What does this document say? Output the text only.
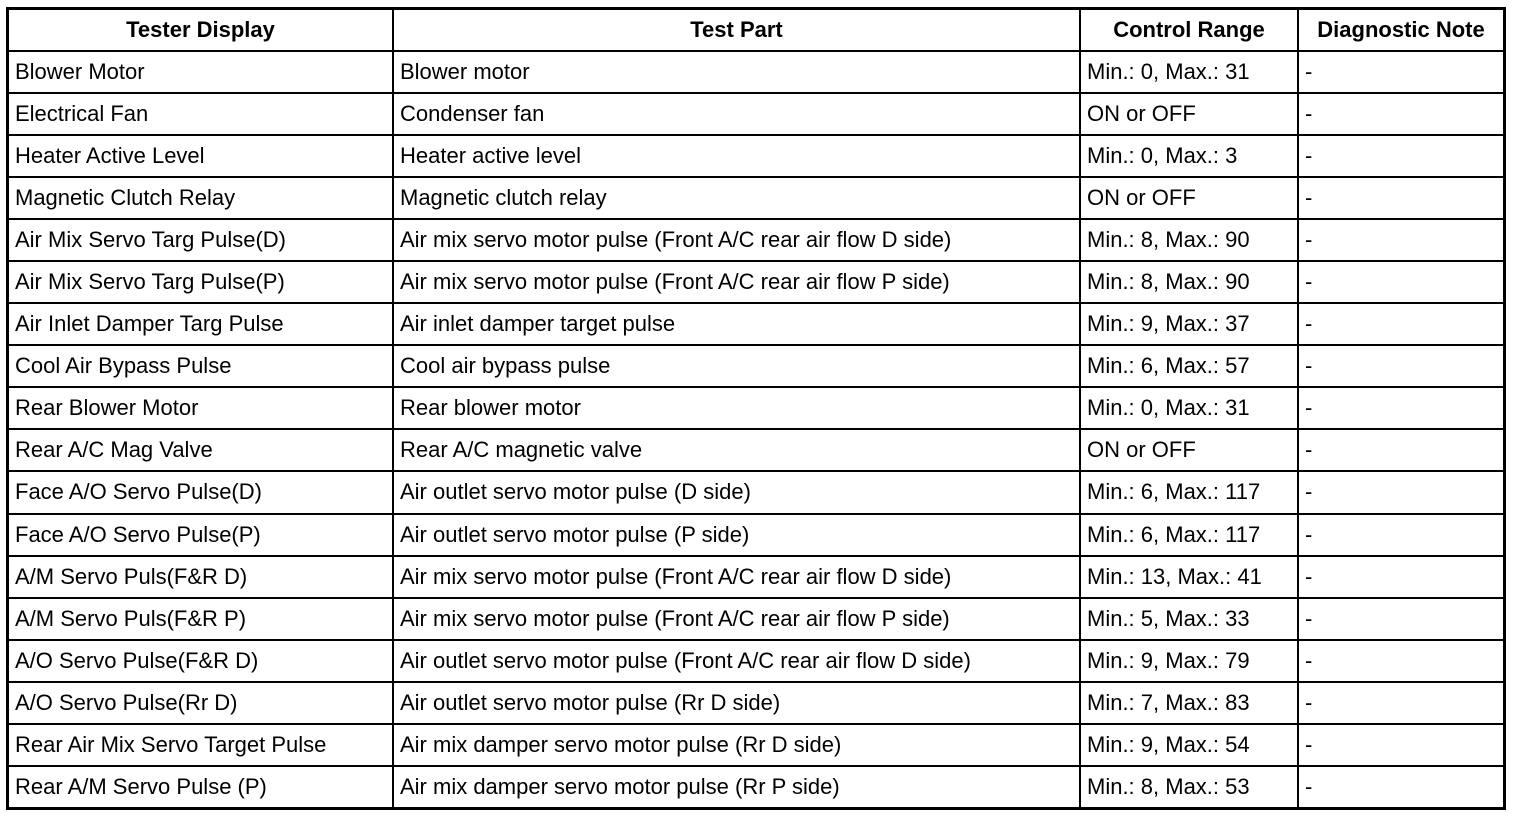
Tester Display	Test Part	Control Range	Diagnostic Note
Blower Motor	Blower motor	Min.: 0, Max.: 31	-
Electrical Fan	Condenser fan	ON or OFF	-
Heater Active Level	Heater active level	Min.: 0, Max.: 3	-
Magnetic Clutch Relay	Magnetic clutch relay	ON or OFF	-
Air Mix Servo Targ Pulse(D)	Air mix servo motor pulse (Front A/C rear air flow D side)	Min.: 8, Max.: 90	-
Air Mix Servo Targ Pulse(P)	Air mix servo motor pulse (Front A/C rear air flow P side)	Min.: 8, Max.: 90	-
Air Inlet Damper Targ Pulse	Air inlet damper target pulse	Min.: 9, Max.: 37	-
Cool Air Bypass Pulse	Cool air bypass pulse	Min.: 6, Max.: 57	-
Rear Blower Motor	Rear blower motor	Min.: 0, Max.: 31	-
Rear A/C Mag Valve	Rear A/C magnetic valve	ON or OFF	-
Face A/O Servo Pulse(D)	Air outlet servo motor pulse (D side)	Min.: 6, Max.: 117	-
Face A/O Servo Pulse(P)	Air outlet servo motor pulse (P side)	Min.: 6, Max.: 117	-
A/M Servo Puls(F&R D)	Air mix servo motor pulse (Front A/C rear air flow D side)	Min.: 13, Max.: 41	-
A/M Servo Puls(F&R P)	Air mix servo motor pulse (Front A/C rear air flow P side)	Min.: 5, Max.: 33	-
A/O Servo Pulse(F&R D)	Air outlet servo motor pulse (Front A/C rear air flow D side)	Min.: 9, Max.: 79	-
A/O Servo Pulse(Rr D)	Air outlet servo motor pulse (Rr D side)	Min.: 7, Max.: 83	-
Rear Air Mix Servo Target Pulse	Air mix damper servo motor pulse (Rr D side)	Min.: 9, Max.: 54	-
Rear A/M Servo Pulse (P)	Air mix damper servo motor pulse (Rr P side)	Min.: 8, Max.: 53	-
